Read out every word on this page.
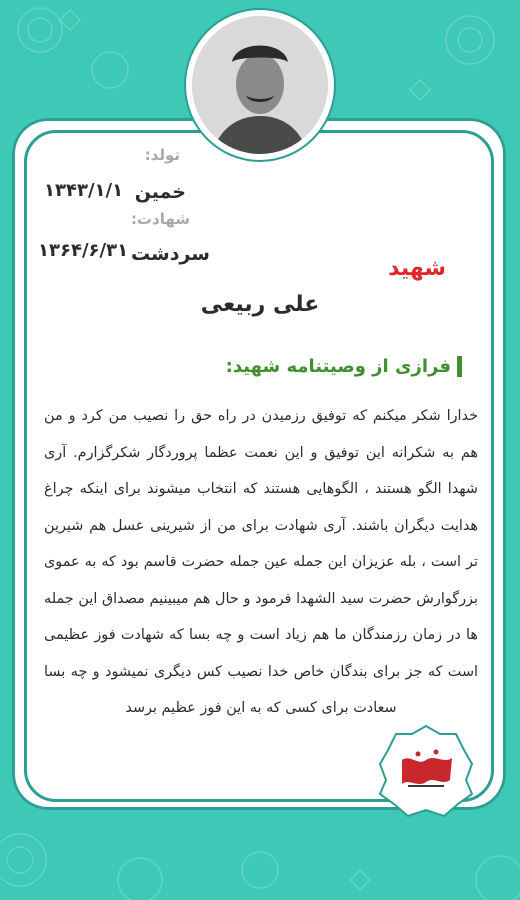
تولد:
خمین
۱۳۴۳/۱/۱
شهادت:
سردشت
۱۳۶۴/۶/۳۱
شهید
علی ربیعی
فرازی از وصیتنامه شهید:
خدارا شکر میکنم که توفیق رزمیدن در راه حق را نصیب من کرد و من هم به شکرانه این توفیق و این نعمت عظما پروردگار شکرگزارم. آری شهدا الگو هستند ، الگوهایی هستند که انتخاب میشوند برای اینکه چراغ هدایت دیگران باشند. آری شهادت برای من از شیرینی عسل هم شیرین تر است ، بله عزیزان این جمله عین جمله حضرت قاسم بود که به عموی بزرگوارش حضرت سید الشهدا فرمود و حال هم میبینیم مصداق این جمله ها در زمان رزمندگان ما هم زیاد است و چه بسا که شهادت فوز عظیمی است که جز برای بندگان خاص خدا نصیب کس دیگری نمیشود و چه بسا سعادت برای کسی که به این فوز عظیم برسد
